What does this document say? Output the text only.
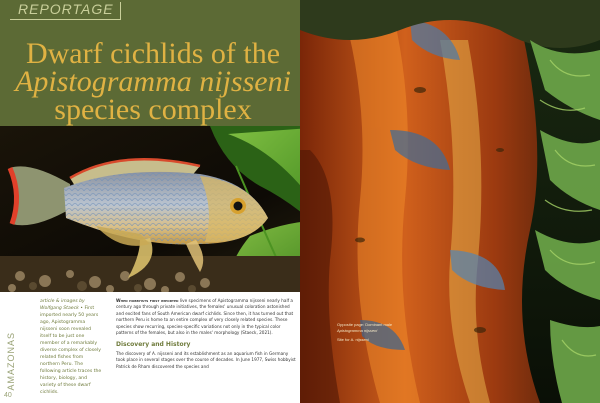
REPORTAGE
Dwarf cichlids of the
Apistogramma nijsseni
species complex

Opposite page: Dominant male
Apistogramma nijsseni

Site for A. nijsseni

AMAZONAS
40
article & images by Wolfgang Staeck • First imported nearly 50 years ago, Apistogramma nijsseni soon revealed itself to be just one member of a remarkably diverse complex of closely related fishes from northern Peru. The following article traces the history, biology, and variety of these dwarf cichlids.

When hobbyists first imported live specimens of Apistogramma nijsseni nearly half a century ago through private initiatives, the females' unusual coloration astonished and excited fans of South American dwarf cichlids. Since then, it has turned out that northern Peru is home to an entire complex of very closely related species. These species show recurring, species-specific variations not only in the typical color patterns of the females, but also in the males' morphology (Staeck, 2021).

Discovery and History

The discovery of A. nijsseni and its establishment as an aquarium fish in Germany took place in several stages over the course of decades. In June 1977, Swiss hobbyist Patrick de Rham discovered the species and
